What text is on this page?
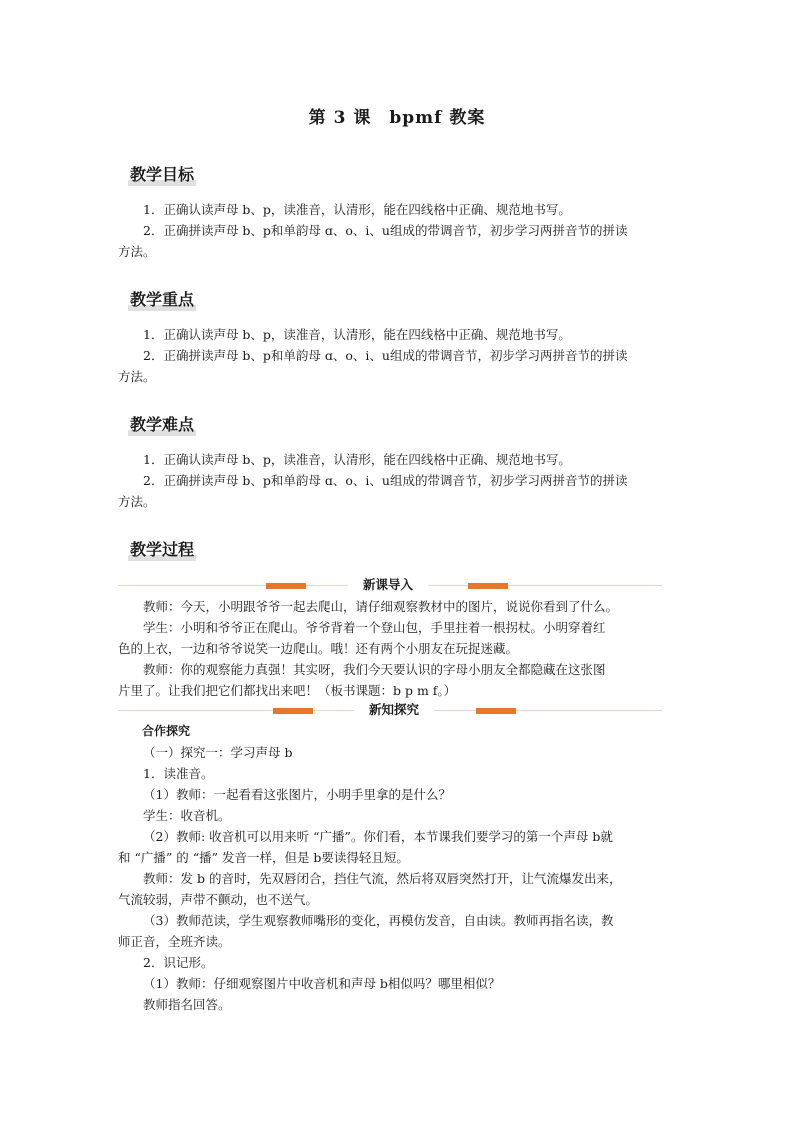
第 3 课　bpmf 教案
教学目标

1．正确认读声母 b、p，读准音，认清形，能在四线格中正确、规范地书写。

2．正确拼读声母 b、p和单韵母 ɑ、o、i、u组成的带调音节，初步学习两拼音节的拼读

方法。

教学重点

1．正确认读声母 b、p，读准音，认清形，能在四线格中正确、规范地书写。

2．正确拼读声母 b、p和单韵母 ɑ、o、i、u组成的带调音节，初步学习两拼音节的拼读

方法。

教学难点

1．正确认读声母 b、p，读准音，认清形，能在四线格中正确、规范地书写。

2．正确拼读声母 b、p和单韵母 ɑ、o、i、u组成的带调音节，初步学习两拼音节的拼读

方法。

教学过程
新课导入

教师：今天，小明跟爷爷一起去爬山，请仔细观察教材中的图片，说说你看到了什么。

学生：小明和爷爷正在爬山。爷爷背着一个登山包，手里拄着一根拐杖。小明穿着红

色的上衣，一边和爷爷说笑一边爬山。哦！还有两个小朋友在玩捉迷藏。

教师：你的观察能力真强！其实呀，我们今天要认识的字母小朋友全都隐藏在这张图

片里了。让我们把它们都找出来吧！（板书课题：b p m f。）

新知探究

合作探究

（一）探究一：学习声母 b

1．读准音。

（1）教师：一起看看这张图片，小明手里拿的是什么？

学生：收音机。

（2）教师: 收音机可以用来听 “广播”。你们看，本节课我们要学习的第一个声母 b就

和 “广播” 的 “播” 发音一样，但是 b要读得轻且短。

教师：发 b 的音时，先双唇闭合，挡住气流，然后将双唇突然打开，让气流爆发出来，

气流较弱，声带不颤动，也不送气。

（3）教师范读，学生观察教师嘴形的变化，再模仿发音，自由读。教师再指名读，教

师正音，全班齐读。

2．识记形。

（1）教师：仔细观察图片中收音机和声母 b相似吗？哪里相似？

教师指名回答。
